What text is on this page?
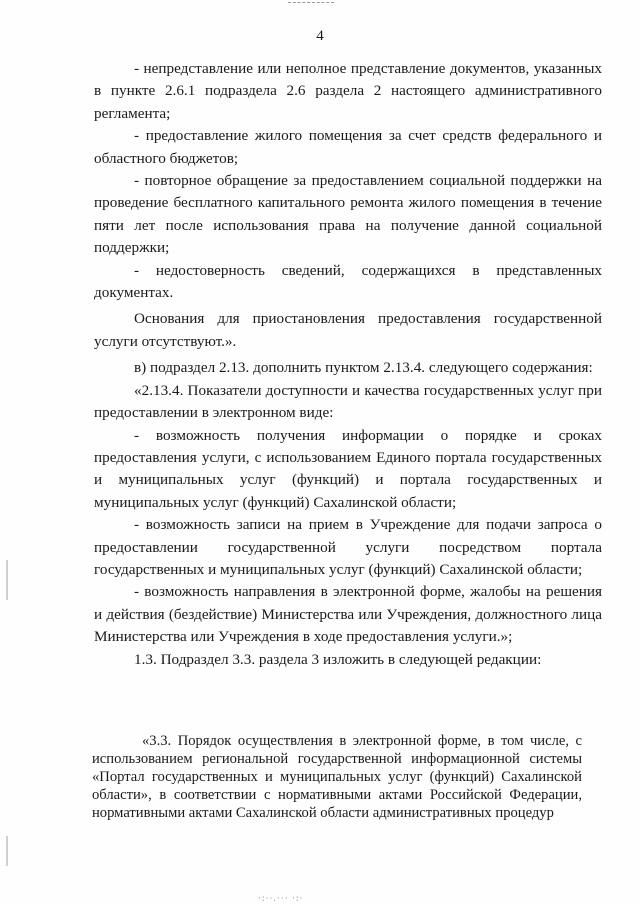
4

- непредставление или неполное представление документов, указанных в пункте 2.6.1 подраздела 2.6 раздела 2 настоящего административного регламента;

- предоставление жилого помещения за счет средств федерального и областного бюджетов;

- повторное обращение за предоставлением социальной поддержки на проведение бесплатного капитального ремонта жилого помещения в течение пяти лет после использования права на получение данной социальной поддержки;

- недостоверность сведений, содержащихся в представленных документах.

Основания для приостановления предоставления государственной услуги отсутствуют.».

в) подраздел 2.13. дополнить пунктом 2.13.4. следующего содержания:

«2.13.4. Показатели доступности и качества государственных услуг при предоставлении в электронном виде:

- возможность получения информации о порядке и сроках предоставления услуги, с использованием Единого портала государственных и муниципальных услуг (функций) и портала государственных и муниципальных услуг (функций) Сахалинской области;

- возможность записи на прием в Учреждение для подачи запроса о предоставлении государственной услуги посредством портала государственных и муниципальных услуг (функций) Сахалинской области;

- возможность направления в электронной форме, жалобы на решения и действия (бездействие) Министерства или Учреждения, должностного лица Министерства или Учреждения в ходе предоставления услуги.»;

1.3. Подраздел 3.3. раздела 3 изложить в следующей редакции:

«3.3. Порядок осуществления в электронной форме, в том числе, с использованием региональной государственной информационной системы «Портал государственных и муниципальных услуг (функций) Сахалинской области», в соответствии с нормативными актами Российской Федерации, нормативными актами Сахалинской области административных процедур

·:··.··· ·:·
